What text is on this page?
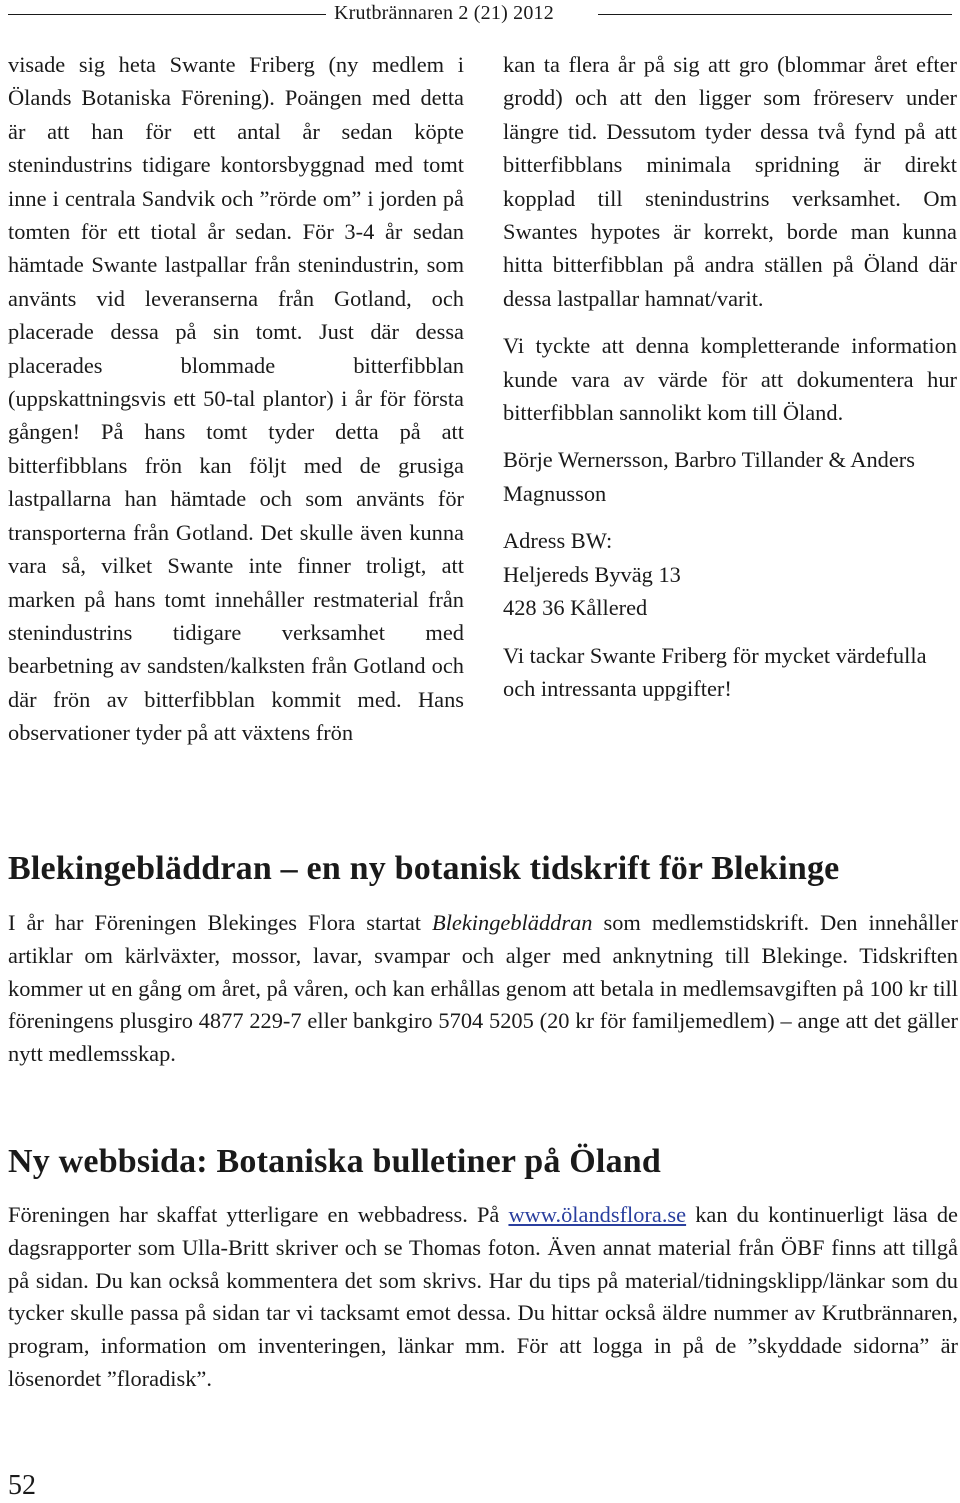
Krutbrännaren 2 (21) 2012

visade sig heta Swante Friberg (ny medlem i Ölands Botaniska Förening). Poängen med detta är att han för ett antal år sedan köpte stenindustrins tidigare kontorsbyggnad med tomt inne i centrala Sandvik och ”rörde om” i jorden på tomten för ett tiotal år sedan. För 3-4 år sedan hämtade Swante lastpallar från stenindustrin, som använts vid leveranserna från Gotland, och placerade dessa på sin tomt. Just där dessa placerades blommade bitterfibblan (uppskattningsvis ett 50-tal plantor) i år för första gången! På hans tomt tyder detta på att bitterfibblans frön kan följt med de grusiga lastpallarna han hämtade och som använts för transporterna från Gotland. Det skulle även kunna vara så, vilket Swante inte finner troligt, att marken på hans tomt innehåller restmaterial från stenindustrins tidigare verksamhet med bearbetning av sandsten/kalksten från Gotland och där frön av bitterfibblan kommit med. Hans observationer tyder på att växtens frön

kan ta flera år på sig att gro (blommar året efter grodd) och att den ligger som fröreserv under längre tid. Dessutom tyder dessa två fynd på att bitterfibblans minimala spridning är direkt kopplad till stenindustrins verksamhet. Om Swantes hypotes är korrekt, borde man kunna hitta bitterfibblan på andra ställen på Öland där dessa lastpallar hamnat/varit.

Vi tyckte att denna kompletterande information kunde vara av värde för att dokumentera hur bitterfibblan sannolikt kom till Öland.

Börje Wernersson, Barbro Tillander & Anders Magnusson

Adress BW:
Heljereds Byväg 13
428 36 Kållered

Vi tackar Swante Friberg för mycket värdefulla och intressanta uppgifter!

Blekingebläddran – en ny botanisk tidskrift för Blekinge

I år har Föreningen Blekinges Flora startat Blekingebläddran som medlemstidskrift. Den innehåller artiklar om kärlväxter, mossor, lavar, svampar och alger med anknytning till Blekinge. Tidskriften kommer ut en gång om året, på våren, och kan erhållas genom att betala in medlemsavgiften på 100 kr till föreningens plusgiro 4877 229-7 eller bankgiro 5704 5205 (20 kr för familjemedlem) – ange att det gäller nytt medlemsskap.

Ny webbsida: Botaniska bulletiner på Öland

Föreningen har skaffat ytterligare en webbadress. På www.ölandsflora.se kan du kontinuerligt läsa de dagsrapporter som Ulla-Britt skriver och se Thomas foton. Även annat material från ÖBF finns att tillgå på sidan. Du kan också kommentera det som skrivs. Har du tips på material/tidningsklipp/länkar som du tycker skulle passa på sidan tar vi tacksamt emot dessa. Du hittar också äldre nummer av Krutbrännaren, program, information om inventeringen, länkar mm. För att logga in på de ”skyddade sidorna” är lösenordet ”floradisk”.

52
